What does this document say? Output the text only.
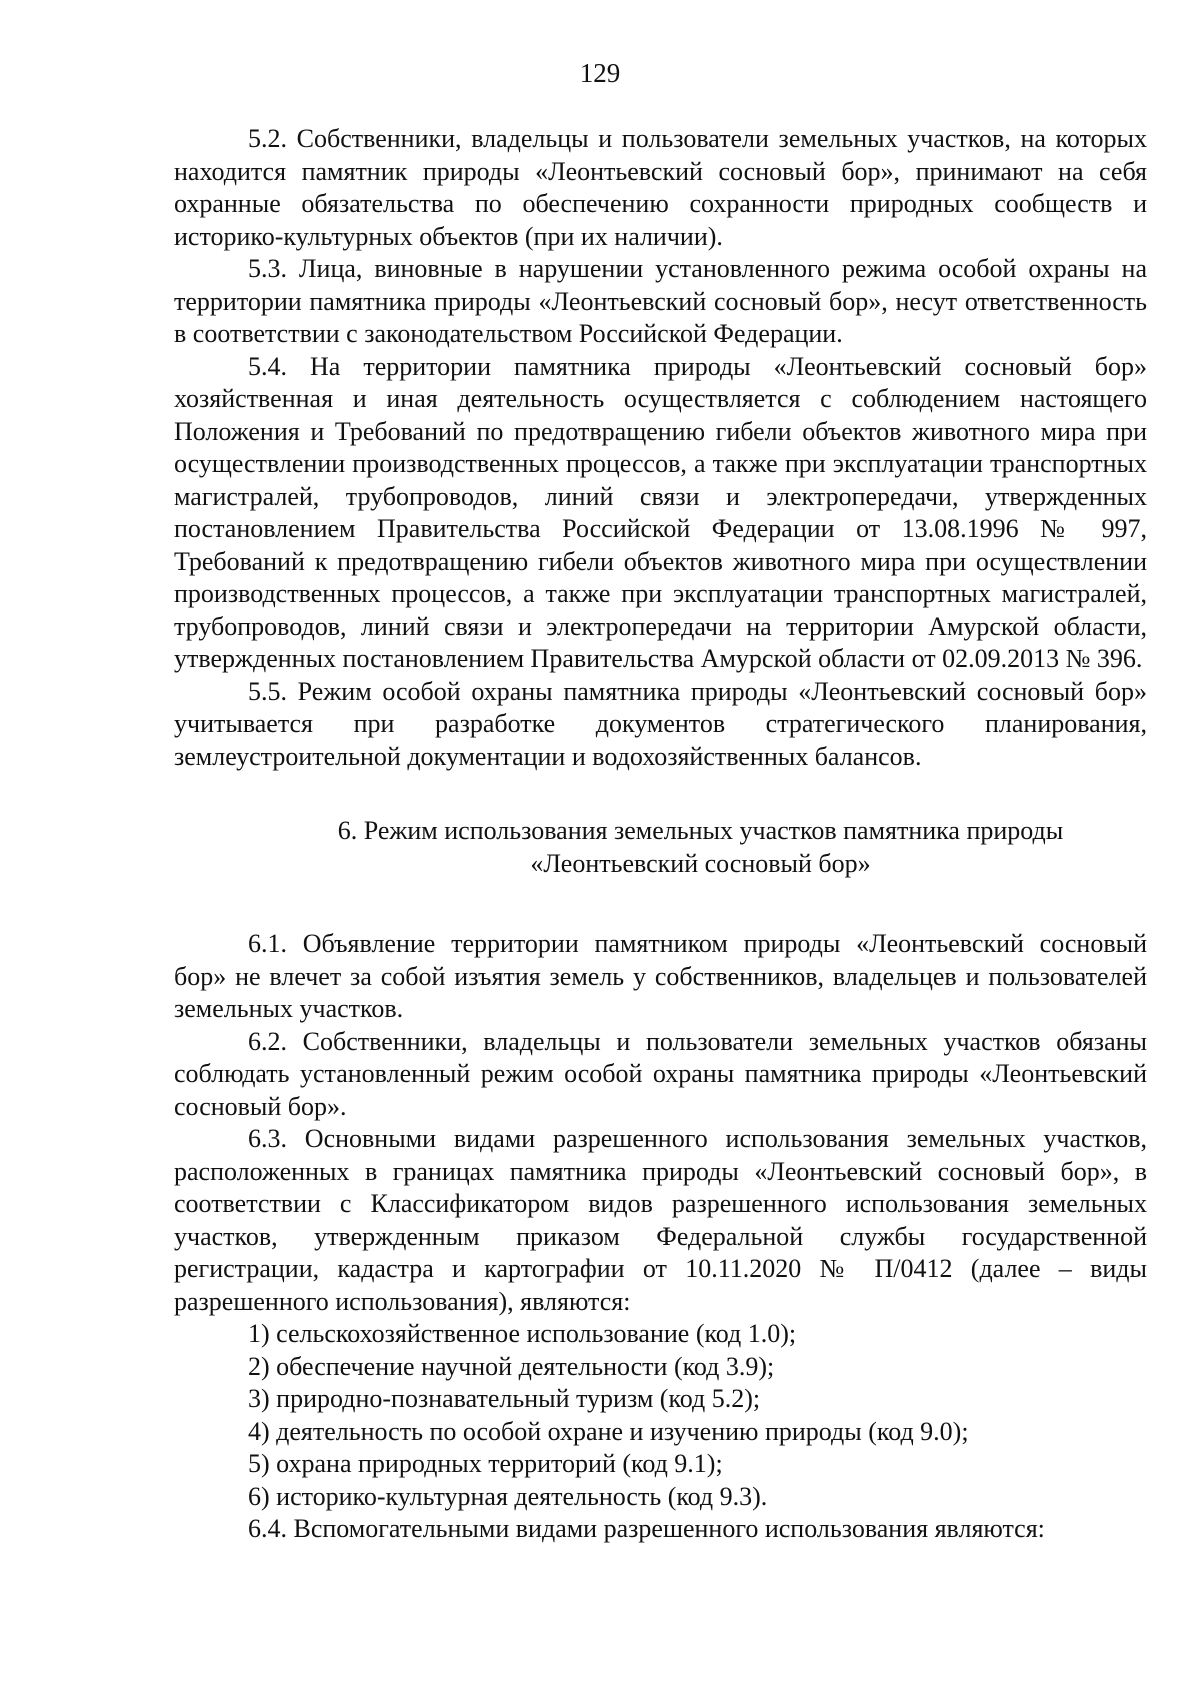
129

5.2. Собственники, владельцы и пользователи земельных участков, на которых находится памятник природы «Леонтьевский сосновый бор», принимают на себя охранные обязательства по обеспечению сохранности природных сообществ и историко-культурных объектов (при их наличии).

5.3. Лица, виновные в нарушении установленного режима особой охраны на территории памятника природы «Леонтьевский сосновый бор», несут ответственность в соответствии с законодательством Российской Федерации.

5.4. На территории памятника природы «Леонтьевский сосновый бор» хозяйственная и иная деятельность осуществляется с соблюдением настоящего Положения и Требований по предотвращению гибели объектов животного мира при осуществлении производственных процессов, а также при эксплуатации транспортных магистралей, трубопроводов, линий связи и электропередачи, утвержденных постановлением Правительства Российской Федерации от 13.08.1996 № 997, Требований к предотвращению гибели объектов животного мира при осуществлении производственных процессов, а также при эксплуатации транспортных магистралей, трубопроводов, линий связи и электропередачи на территории Амурской области, утвержденных постановлением Правительства Амурской области от 02.09.2013 № 396.

5.5. Режим особой охраны памятника природы «Леонтьевский сосновый бор» учитывается при разработке документов стратегического планирования, землеустроительной документации и водохозяйственных балансов.

6. Режим использования земельных участков памятника природы
«Леонтьевский сосновый бор»

6.1. Объявление территории памятником природы «Леонтьевский сосновый бор» не влечет за собой изъятия земель у собственников, владельцев и пользователей земельных участков.

6.2. Собственники, владельцы и пользователи земельных участков обязаны соблюдать установленный режим особой охраны памятника природы «Леонтьевский сосновый бор».

6.3. Основными видами разрешенного использования земельных участков, расположенных в границах памятника природы «Леонтьевский сосновый бор», в соответствии с Классификатором видов разрешенного использования земельных участков, утвержденным приказом Федеральной службы государственной регистрации, кадастра и картографии от 10.11.2020 № П/0412 (далее – виды разрешенного использования), являются:

1) сельскохозяйственное использование (код 1.0);

2) обеспечение научной деятельности (код 3.9);

3) природно-познавательный туризм (код 5.2);

4) деятельность по особой охране и изучению природы (код 9.0);

5) охрана природных территорий (код 9.1);

6) историко-культурная деятельность (код 9.3).

6.4. Вспомогательными видами разрешенного использования являются:
